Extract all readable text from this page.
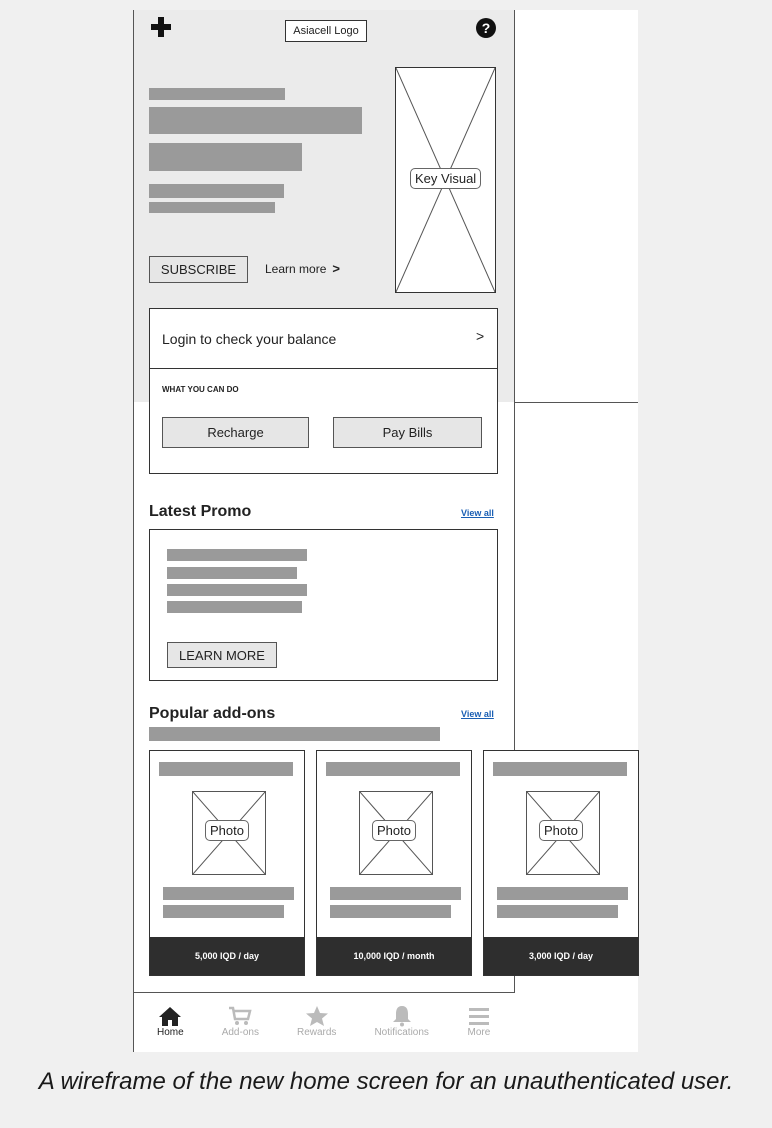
Asiacell Logo	?
Key Visual
SUBSCRIBE	Learn more >
Login to check your balance	>
WHAT YOU CAN DO
Recharge	Pay Bills
Latest Promo	View all
LEARN MORE
Popular add-ons	View all
Photo
5,000 IQD / day
Photo
10,000 IQD / month
Photo
3,000 IQD / day
Home	Add-ons	Rewards	Notifications	More
A wireframe of the new home screen for an unauthenticated user.
